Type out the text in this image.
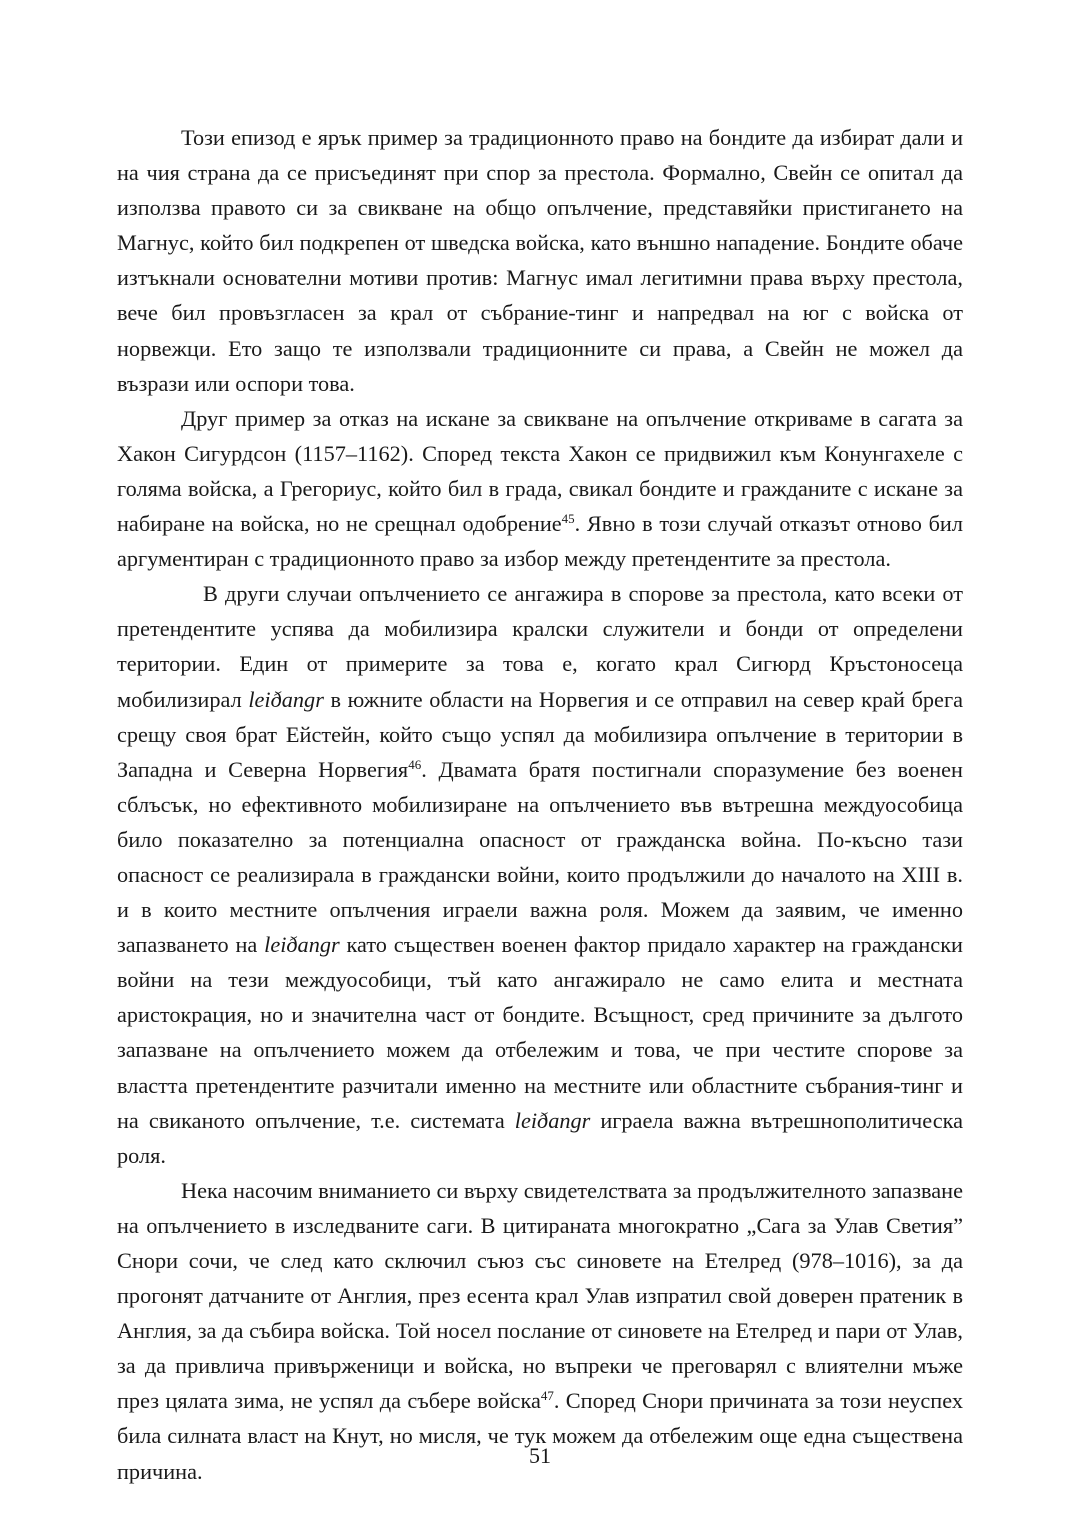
Този епизод е ярък пример за традиционното право на бондите да избират дали и на чия страна да се присъединят при спор за престола. Формално, Свейн се опитал да използва правото си за свикване на общо опълчение, представяйки пристигането на Магнус, който бил подкрепен от шведска войска, като външно нападение. Бондите обаче изтъкнали основателни мотиви против: Магнус имал легитимни права върху престола, вече бил провъзгласен за крал от събрание-тинг и напредвал на юг с войска от норвежци. Ето защо те използвали традиционните си права, а Свейн не можел да възрази или оспори това.

Друг пример за отказ на искане за свикване на опълчение откриваме в сагата за Хакон Сигурдсон (1157–1162). Според текста Хакон се придвижил към Конунгахеле с голяма войска, а Грегориус, който бил в града, свикал бондите и гражданите с искане за набиране на войска, но не срещнал одобрение$^{45}$. Явно в този случай отказът отново бил аргументиран с традиционното право за избор между претендентите за престола.

В други случаи опълчението се ангажира в спорове за престола, като всеки от претендентите успява да мобилизира кралски служители и бонди от определени територии. Един от примерите за това е, когато крал Сигюрд Кръстоносеца мобилизирал leiðangr в южните области на Норвегия и се отправил на север край брега срещу своя брат Ейстейн, който също успял да мобилизира опълчение в територии в Западна и Северна Норвегия$^{46}$. Двамата братя постигнали споразумение без военен сблъсък, но ефективното мобилизиране на опълчението във вътрешна междуособица било показателно за потенциална опасност от гражданска война. По-късно тази опасност се реализирала в граждански войни, които продължили до началото на XIII в. и в които местните опълчения играели важна роля. Можем да заявим, че именно запазването на leiðangr като съществен военен фактор придало характер на граждански войни на тези междуособици, тъй като ангажирало не само елита и местната аристокрация, но и значителна част от бондите. Всъщност, сред причините за дългото запазване на опълчението можем да отбележим и това, че при честите спорове за властта претендентите разчитали именно на местните или областните събрания-тинг и на свиканото опълчение, т.е. системата leiðangr играела важна вътрешнополитическа роля.

Нека насочим вниманието си върху свидетелствата за продължителното запазване на опълчението в изследваните саги. В цитираната многократно „Сага за Улав Светия” Снори сочи, че след като сключил съюз със синовете на Етелред (978–1016), за да прогонят датчаните от Англия, през есента крал Улав изпратил свой доверен пратеник в Англия, за да събира войска. Той носел послание от синовете на Етелред и пари от Улав, за да привлича привърженици и войска, но въпреки че преговарял с влиятелни мъже през цялата зима, не успял да събере войска$^{47}$. Според Снори причината за този неуспех била силната власт на Кнут, но мисля, че тук можем да отбележим още една съществена причина.

51
